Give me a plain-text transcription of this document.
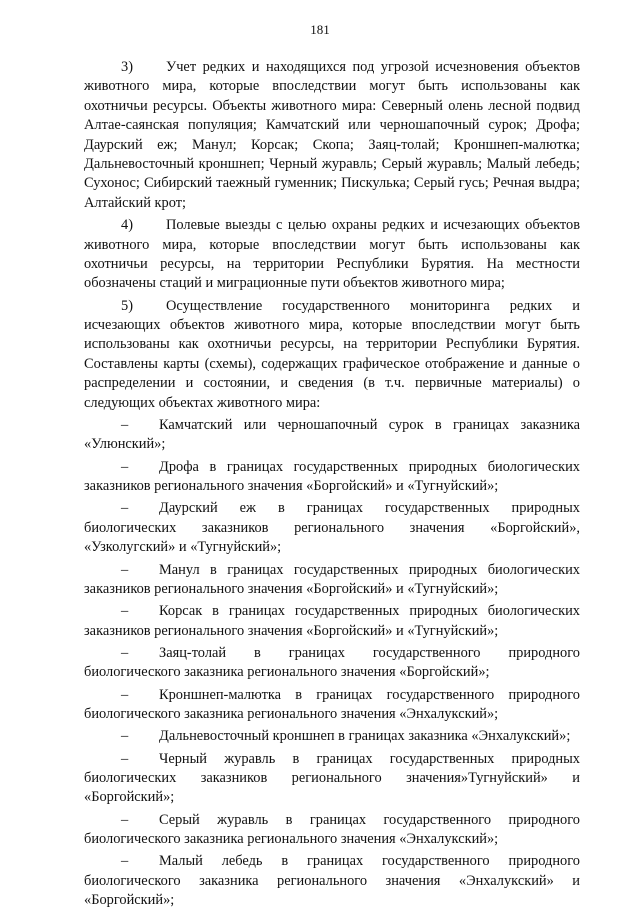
181

3) Учет редких и находящихся под угрозой исчезновения объектов животного мира, которые впоследствии могут быть использованы как охотничьи ресурсы. Объекты животного мира: Северный олень лесной подвид Алтае-саянская популяция; Камчатский или черношапочный сурок; Дрофа; Даурский еж; Манул; Корсак; Скопа; Заяц-толай; Кроншнеп-малютка; Дальневосточный кроншнеп; Черный журавль; Серый журавль; Малый лебедь; Сухонос; Сибирский таежный гуменник; Пискулька; Серый гусь; Речная выдра; Алтайский крот;

4) Полевые выезды с целью охраны редких и исчезающих объектов животного мира, которые впоследствии могут быть использованы как охотничьи ресурсы, на территории Республики Бурятия. На местности обозначены стаций и миграционные пути объектов животного мира;

5) Осуществление государственного мониторинга редких и исчезающих объектов животного мира, которые впоследствии могут быть использованы как охотничьи ресурсы, на территории Республики Бурятия. Составлены карты (схемы), содержащих графическое отображение и данные о распределении и состоянии, и сведения (в т.ч. первичные материалы) о следующих объектах животного мира:

– Камчатский или черношапочный сурок в границах заказника «Улюнский»;

– Дрофа в границах государственных природных биологических заказников регионального значения «Боргойский» и «Тугнуйский»;

– Даурский еж в границах государственных природных биологических заказников регионального значения «Боргойский», «Узколугский» и «Тугнуйский»;

– Манул в границах государственных природных биологических заказников регионального значения «Боргойский» и «Тугнуйский»;

– Корсак в границах государственных природных биологических заказников регионального значения «Боргойский» и «Тугнуйский»;

– Заяц-толай в границах государственного природного биологического заказника регионального значения «Боргойский»;

– Кроншнеп-малютка в границах государственного природного биологического заказника регионального значения «Энхалукский»;

– Дальневосточный кроншнеп в границах заказника «Энхалукский»;

– Черный журавль в границах государственных природных биологических заказников регионального значения»Тугнуйский» и «Боргойский»;

– Серый журавль в границах государственного природного биологического заказника регионального значения «Энхалукский»;

– Малый лебедь в границах государственного природного биологического заказника регионального значения «Энхалукский» и «Боргойский»;
